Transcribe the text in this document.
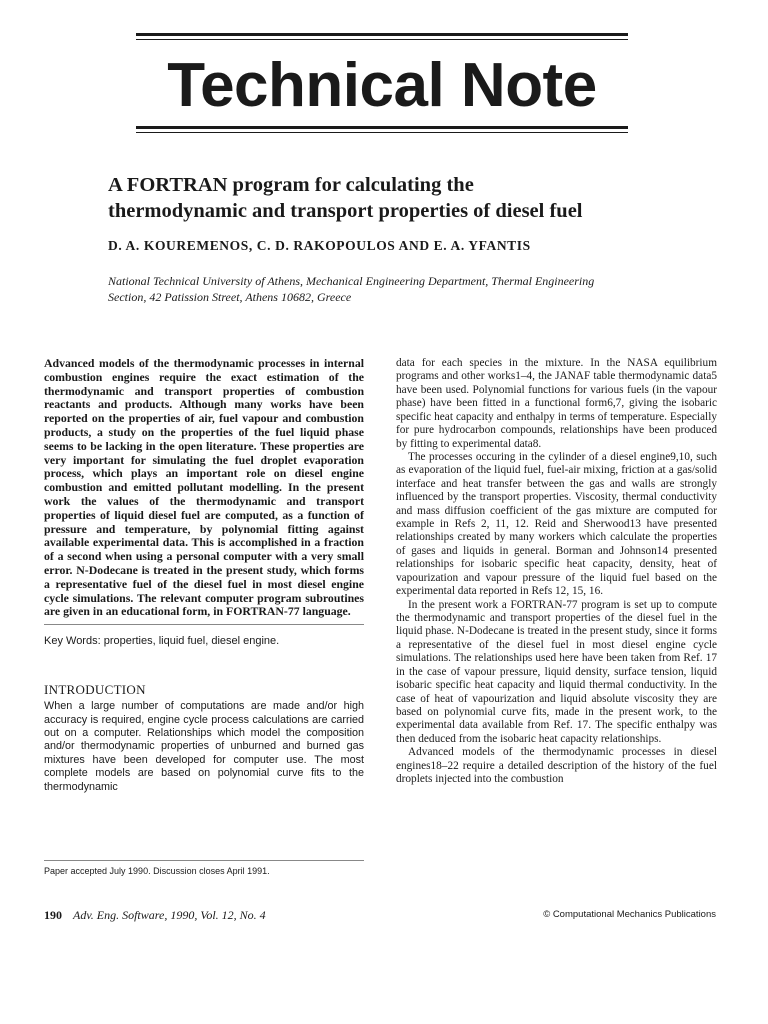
Technical Note
A FORTRAN program for calculating the
thermodynamic and transport properties of diesel fuel

D. A. KOUREMENOS, C. D. RAKOPOULOS AND E. A. YFANTIS

National Technical University of Athens, Mechanical Engineering Department, Thermal Engineering Section, 42 Patission Street, Athens 10682, Greece

Advanced models of the thermodynamic processes in internal combustion engines require the exact estimation of the thermodynamic and transport properties of combustion reactants and products. Although many works have been reported on the properties of air, fuel vapour and combustion products, a study on the properties of the fuel liquid phase seems to be lacking in the open literature. These properties are very important for simulating the fuel droplet evaporation process, which plays an important role on diesel engine combustion and emitted pollutant modelling. In the present work the values of the thermodynamic and transport properties of liquid diesel fuel are computed, as a function of pressure and temperature, by polynomial fitting against available experimental data. This is accomplished in a fraction of a second when using a personal computer with a very small error. N-Dodecane is treated in the present study, which forms a representative fuel of the diesel fuel in most diesel engine cycle simulations. The relevant computer program subroutines are given in an educational form, in FORTRAN-77 language.

Key Words: properties, liquid fuel, diesel engine.

INTRODUCTION

When a large number of computations are made and/or high accuracy is required, engine cycle process calculations are carried out on a computer. Relationships which model the composition and/or thermodynamic properties of unburned and burned gas mixtures have been developed for computer use. The most complete models are based on polynomial curve fits to the thermodynamic

Paper accepted July 1990. Discussion closes April 1991.

data for each species in the mixture. In the NASA equilibrium programs and other works1–4, the JANAF table thermodynamic data5 have been used. Polynomial functions for various fuels (in the vapour phase) have been fitted in a functional form6,7, giving the isobaric specific heat capacity and enthalpy in terms of temperature. Especially for pure hydrocarbon compounds, relationships have been produced by fitting to experimental data8.

The processes occuring in the cylinder of a diesel engine9,10, such as evaporation of the liquid fuel, fuel-air mixing, friction at a gas/solid interface and heat transfer between the gas and walls are strongly influenced by the transport properties. Viscosity, thermal conductivity and mass diffusion coefficient of the gas mixture are computed for example in Refs 2, 11, 12. Reid and Sherwood13 have presented relationships created by many workers which calculate the properties of gases and liquids in general. Borman and Johnson14 presented relationships for isobaric specific heat capacity, density, heat of vapourization and vapour pressure of the liquid fuel based on the experimental data reported in Refs 12, 15, 16.

In the present work a FORTRAN-77 program is set up to compute the thermodynamic and transport properties of the diesel fuel in the liquid phase. N-Dodecane is treated in the present study, since it forms a representative of the diesel fuel in most diesel engine cycle simulations. The relationships used here have been taken from Ref. 17 in the case of vapour pressure, liquid density, surface tension, liquid isobaric specific heat capacity and liquid thermal conductivity. In the case of heat of vapourization and liquid absolute viscosity they are based on polynomial curve fits, made in the present work, to the experimental data available from Ref. 17. The specific enthalpy was then deduced from the isobaric heat capacity relationships.

Advanced models of the thermodynamic processes in diesel engines18–22 require a detailed description of the history of the fuel droplets injected into the combustion

190 Adv. Eng. Software, 1990, Vol. 12, No. 4	© Computational Mechanics Publications
